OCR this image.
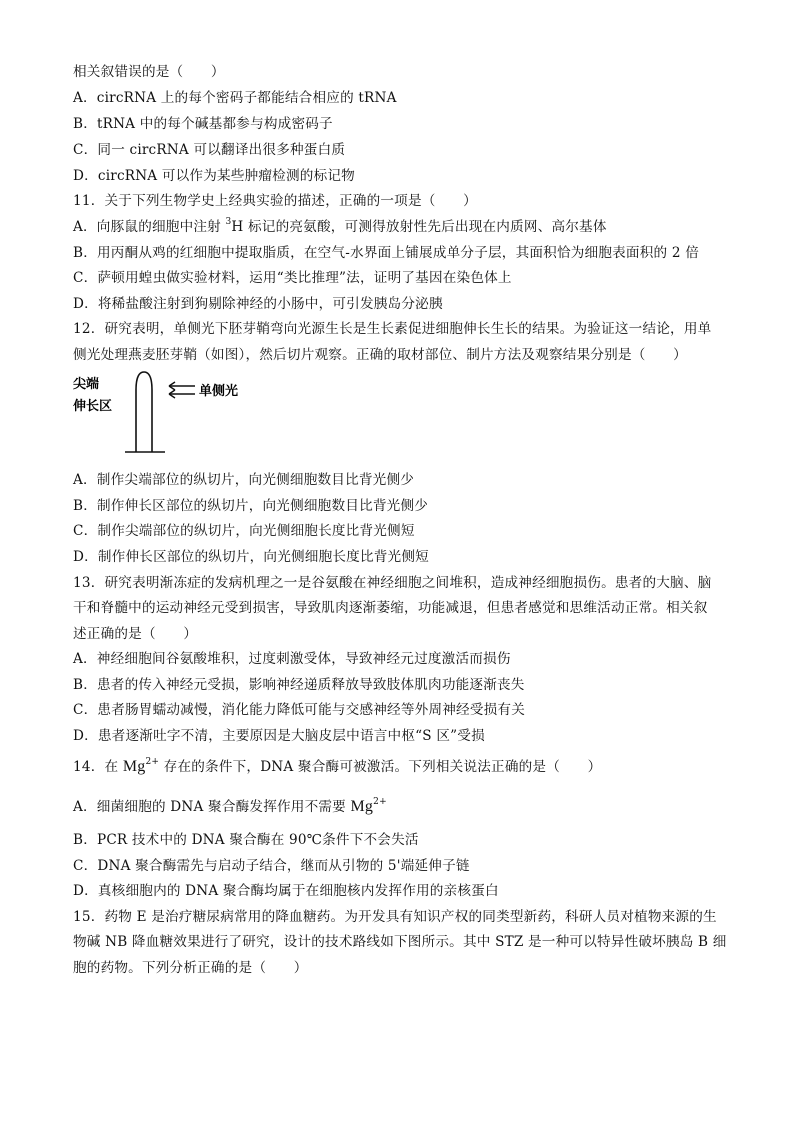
相关叙错误的是（　　）
A．circRNA 上的每个密码子都能结合相应的 tRNA
B．tRNA 中的每个碱基都参与构成密码子
C．同一 circRNA 可以翻译出很多种蛋白质
D．circRNA 可以作为某些肿瘤检测的标记物
11．关于下列生物学史上经典实验的描述，正确的一项是（　　）
A．向豚鼠的细胞中注射 $^3$H 标记的亮氨酸，可测得放射性先后出现在内质网、高尔基体
B．用丙酮从鸡的红细胞中提取脂质，在空气-水界面上铺展成单分子层，其面积恰为细胞表面积的 2 倍
C．萨顿用蝗虫做实验材料，运用“类比推理”法，证明了基因在染色体上
D．将稀盐酸注射到狗剔除神经的小肠中，可引发胰岛分泌胰
12．研究表明，单侧光下胚芽鞘弯向光源生长是生长素促进细胞伸长生长的结果。为验证这一结论，用单
侧光处理燕麦胚芽鞘（如图），然后切片观察。正确的取材部位、制片方法及观察结果分别是（　　）
尖端
伸长区
单侧光
A．制作尖端部位的纵切片，向光侧细胞数目比背光侧少
B．制作伸长区部位的纵切片，向光侧细胞数目比背光侧少
C．制作尖端部位的纵切片，向光侧细胞长度比背光侧短
D．制作伸长区部位的纵切片，向光侧细胞长度比背光侧短
13．研究表明渐冻症的发病机理之一是谷氨酸在神经细胞之间堆积，造成神经细胞损伤。患者的大脑、脑
干和脊髓中的运动神经元受到损害，导致肌肉逐渐萎缩，功能减退，但患者感觉和思维活动正常。相关叙
述正确的是（　　）
A．神经细胞间谷氨酸堆积，过度刺激受体，导致神经元过度激活而损伤
B．患者的传入神经元受损，影响神经递质释放导致肢体肌肉功能逐渐丧失
C．患者肠胃蠕动减慢，消化能力降低可能与交感神经等外周神经受损有关
D．患者逐渐吐字不清，主要原因是大脑皮层中语言中枢“S 区”受损
14．在 $Mg^{2+}$ 存在的条件下，DNA 聚合酶可被激活。下列相关说法正确的是（　　）
A．细菌细胞的 DNA 聚合酶发挥作用不需要 $Mg^{2+}$
B．PCR 技术中的 DNA 聚合酶在 90℃条件下不会失活
C．DNA 聚合酶需先与启动子结合，继而从引物的 5'端延伸子链
D．真核细胞内的 DNA 聚合酶均属于在细胞核内发挥作用的亲核蛋白
15．药物 E 是治疗糖尿病常用的降血糖药。为开发具有知识产权的同类型新药，科研人员对植物来源的生
物碱 NB 降血糖效果进行了研究，设计的技术路线如下图所示。其中 STZ 是一种可以特异性破坏胰岛 B 细
胞的药物。下列分析正确的是（　　）
